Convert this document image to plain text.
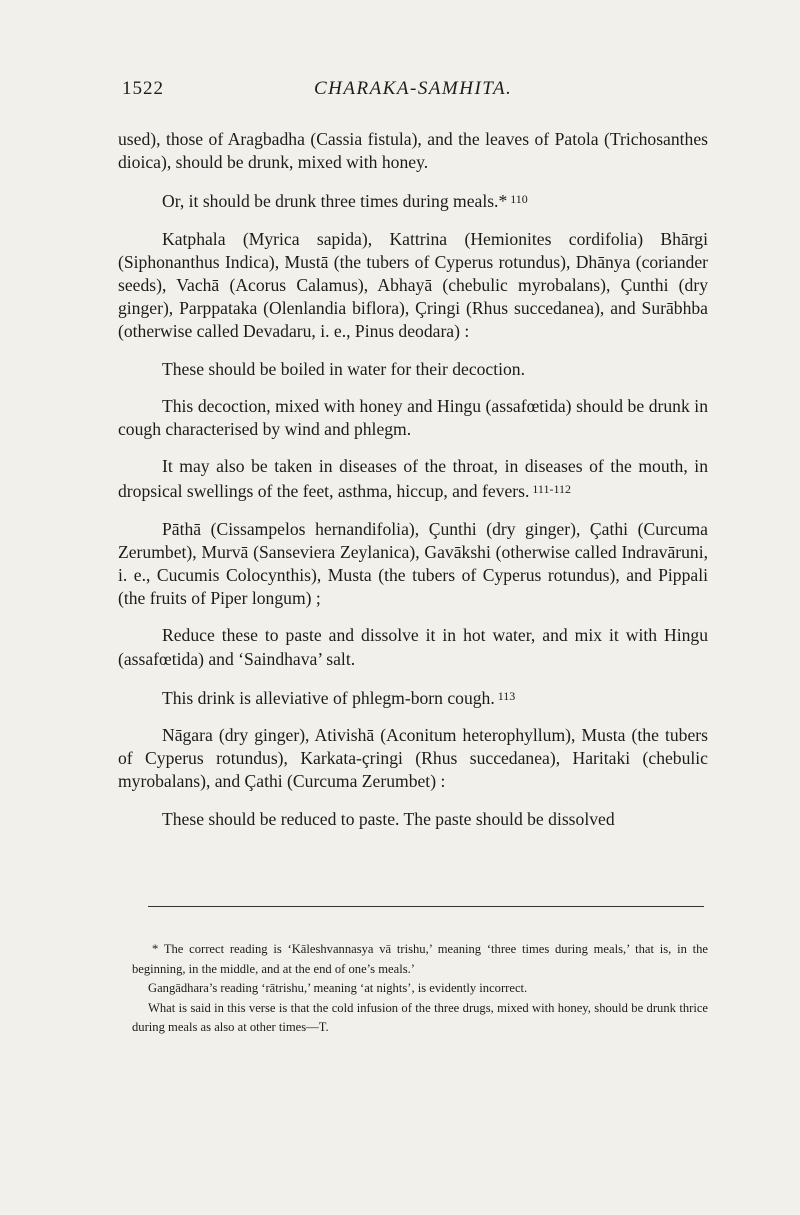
1522	CHARAKA-SAMHITA.

used), those of Aragbadha (Cassia fistula), and the leaves of Patola (Trichosanthes dioica), should be drunk, mixed with honey.

Or, it should be drunk three times during meals.* $^{110}$

Katphala (Myrica sapida), Kattrina (Hemionites cordifolia) Bhārgi (Siphonanthus Indica), Mustā (the tubers of Cyperus rotundus), Dhānya (coriander seeds), Vachā (Acorus Calamus), Abhayā (chebulic myrobalans), Çunthi (dry ginger), Parppataka (Olenlandia biflora), Çringi (Rhus succedanea), and Surābhba (otherwise called Devadaru, i. e., Pinus deodara) :

These should be boiled in water for their decoction.

This decoction, mixed with honey and Hingu (assafœtida) should be drunk in cough characterised by wind and phlegm.

It may also be taken in diseases of the throat, in diseases of the mouth, in dropsical swellings of the feet, asthma, hiccup, and fevers. $^{111-112}$

Pāthā (Cissampelos hernandifolia), Çunthi (dry ginger), Çathi (Curcuma Zerumbet), Murvā (Sanseviera Zeylanica), Gavākshi (otherwise called Indravāruni, i. e., Cucumis Colocynthis), Musta (the tubers of Cyperus rotundus), and Pippali (the fruits of Piper longum) ;

Reduce these to paste and dissolve it in hot water, and mix it with Hingu (assafœtida) and ‘Saindhava’ salt.

This drink is alleviative of phlegm-born cough. $^{113}$

Nāgara (dry ginger), Ativishā (Aconitum heterophyllum), Musta (the tubers of Cyperus rotundus), Karkata-çringi (Rhus succedanea), Haritaki (chebulic myrobalans), and Çathi (Curcuma Zerumbet) :

These should be reduced to paste. The paste should be dissolved

* The correct reading is ‘Kāleshvannasya vā trishu,’ meaning ‘three times during meals,’ that is, in the beginning, in the middle, and at the end of one’s meals.’

Gangādhara’s reading ‘rātrishu,’ meaning ‘at nights’, is evidently incorrect.

What is said in this verse is that the cold infusion of the three drugs, mixed with honey, should be drunk thrice during meals as also at other times—T.
